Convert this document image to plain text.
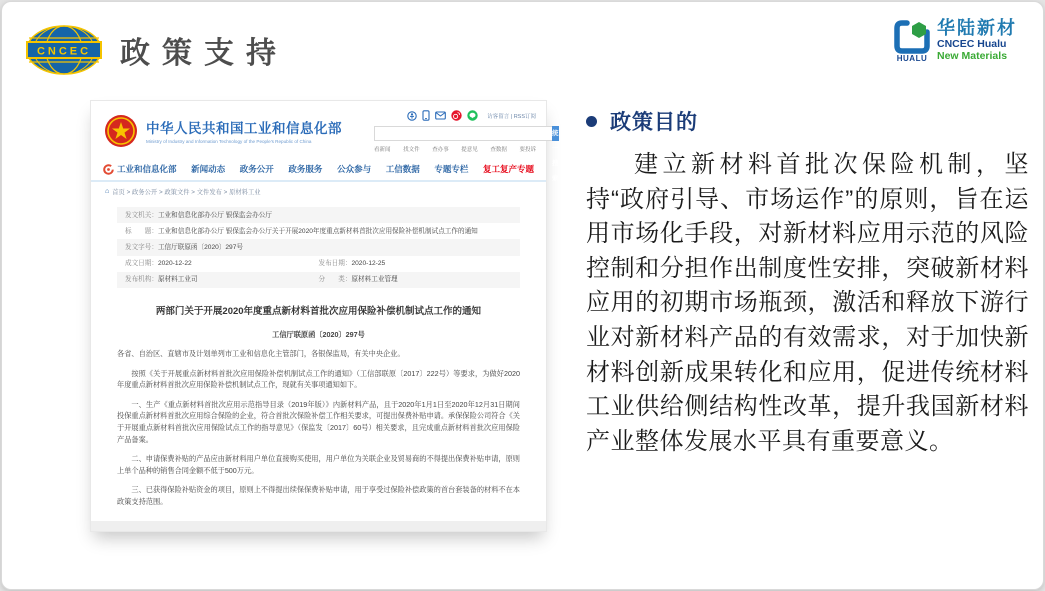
CNCEC 政策支持	HUALU
华陆新材
CNCEC Hualu
New Materials
中华人民共和国工业和信息化部
Ministry of Industry and Information Technology of the People's Republic of China
访客留言 | RSS订阅
统一搜索
看新闻 找文件 查办事 提意见 查数据 要投诉
工业和信息化部 新闻动态 政务公开 政务服务 公众参与 工信数据 专题专栏 复工复产专题
⌂ 首页 > 政务公开 > 政策文件 > 文件发布 > 原材料工业
发文机关： 工业和信息化部办公厅 银保监会办公厅
标　　题： 工业和信息化部办公厅 银保监会办公厅关于开展2020年度重点新材料首批次应用保险补偿机制试点工作的通知
发文字号： 工信厅联原函〔2020〕297号
成文日期： 2020-12-22	发布日期： 2020-12-25
发布机构： 原材料工业司	分　　类： 原材料工业管理
两部门关于开展2020年度重点新材料首批次应用保险补偿机制试点工作的通知
工信厅联原函〔2020〕297号

各省、自治区、直辖市及计划单列市工业和信息化主管部门，各银保监局，有关中央企业。

按照《关于开展重点新材料首批次应用保险补偿机制试点工作的通知》（工信部联原〔2017〕222号）等要求，为做好2020年度重点新材料首批次应用保险补偿机制试点工作，现就有关事项通知如下。

一、生产《重点新材料首批次应用示范指导目录（2019年版）》内新材料产品，且于2020年1月1日至2020年12月31日期间投保重点新材料首批次应用综合保险的企业，符合首批次保险补偿工作相关要求，可提出保费补贴申请。承保保险公司符合《关于开展重点新材料首批次应用保险试点工作的指导意见》（保监发〔2017〕60号）相关要求，且完成重点新材料首批次应用保险产品备案。

二、申请保费补贴的产品应由新材料用户单位直接购买使用，用户单位为关联企业及贸易商的不得提出保费补贴申请，原则上单个品种的销售合同金额不低于500万元。

三、已获得保险补贴资金的项目，原则上不得提出续保保费补贴申请，用于享受过保险补偿政策的首台套装备的材料不在本政策支持范围。

政策目的
建立新材料首批次保险机制，坚持“政府引导、市场运作”的原则，旨在运用市场化手段，对新材料应用示范的风险控制和分担作出制度性安排，突破新材料应用的初期市场瓶颈，激活和释放下游行业对新材料产品的有效需求，对于加快新材料创新成果转化和应用，促进传统材料工业供给侧结构性改革，提升我国新材料产业整体发展水平具有重要意义。
